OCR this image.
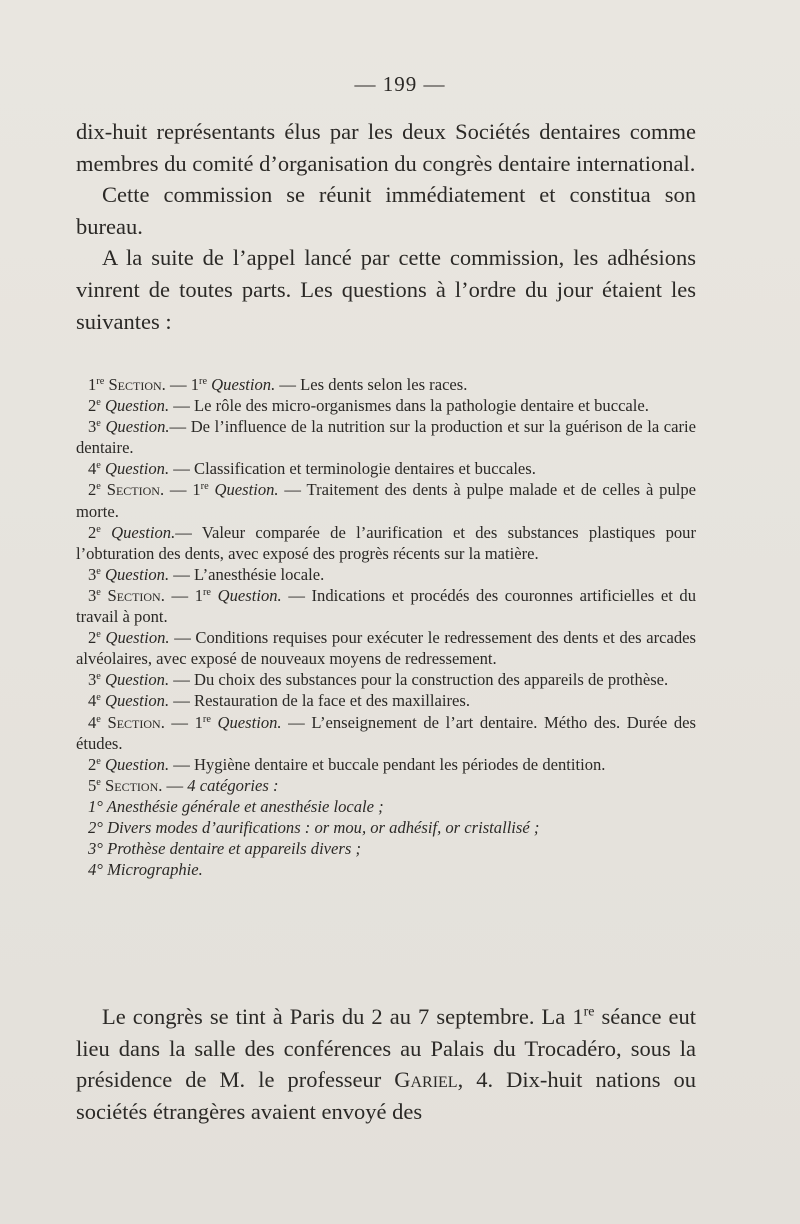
— 199 —

dix-huit représentants élus par les deux Sociétés dentaires comme membres du comité d’organisation du congrès dentaire international.

Cette commission se réunit immédiatement et constitua son bureau.

A la suite de l’appel lancé par cette commission, les adhésions vinrent de toutes parts. Les questions à l’ordre du jour étaient les suivantes :

1re Section. — 1re Question. — Les dents selon les races.

2e Question. — Le rôle des micro-organismes dans la pathologie dentaire et buccale.

3e Question.— De l’influence de la nutrition sur la production et sur la guérison de la carie dentaire.

4e Question. — Classification et terminologie dentaires et buccales.

2e Section. — 1re Question. — Traitement des dents à pulpe malade et de celles à pulpe morte.

2e Question.— Valeur comparée de l’aurification et des substances plastiques pour l’obturation des dents, avec exposé des progrès récents sur la matière.

3e Question. — L’anesthésie locale.

3e Section. — 1re Question. — Indications et procédés des couronnes artificielles et du travail à pont.

2e Question. — Conditions requises pour exécuter le redressement des dents et des arcades alvéolaires, avec exposé de nouveaux moyens de redressement.

3e Question. — Du choix des substances pour la construction des appareils de prothèse.

4e Question. — Restauration de la face et des maxillaires.

4e Section. — 1re Question. — L’enseignement de l’art dentaire. Métho des. Durée des études.

2e Question. — Hygiène dentaire et buccale pendant les périodes de dentition.

5e Section. — 4 catégories :

1° Anesthésie générale et anesthésie locale ;

2° Divers modes d’aurifications : or mou, or adhésif, or cristallisé ;

3° Prothèse dentaire et appareils divers ;

4° Micrographie.

Le congrès se tint à Paris du 2 au 7 septembre. La 1re séance eut lieu dans la salle des conférences au Palais du Trocadéro, sous la présidence de M. le professeur Gariel, 4. Dix-huit nations ou sociétés étrangères avaient envoyé des
